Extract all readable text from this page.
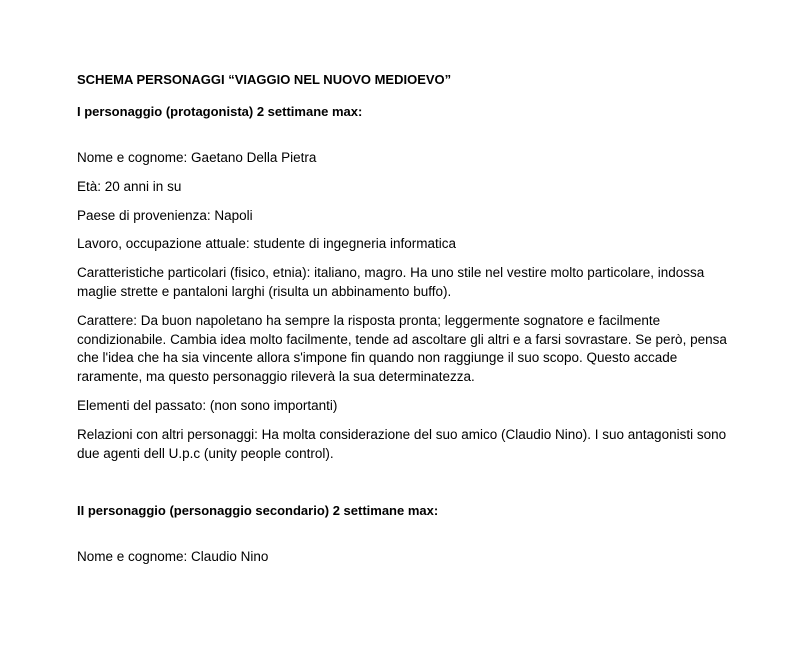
SCHEMA PERSONAGGI “VIAGGIO NEL NUOVO MEDIOEVO”
I personaggio (protagonista) 2 settimane max:
Nome e cognome: Gaetano Della Pietra
Età: 20 anni in su
Paese di provenienza: Napoli
Lavoro, occupazione attuale: studente di ingegneria informatica
Caratteristiche particolari (fisico, etnia): italiano, magro. Ha uno stile nel vestire molto particolare, indossa maglie strette e pantaloni larghi (risulta un abbinamento buffo).
Carattere: Da buon napoletano ha sempre la risposta pronta; leggermente sognatore e facilmente condizionabile. Cambia idea molto facilmente, tende ad ascoltare gli altri e a farsi sovrastare. Se però, pensa che l'idea che ha sia vincente allora s'impone fin quando non raggiunge il suo scopo. Questo accade raramente, ma questo personaggio rileverà la sua determinatezza.
Elementi del passato: (non sono importanti)
Relazioni con altri personaggi: Ha molta considerazione del suo amico (Claudio Nino). I suo antagonisti sono due agenti dell U.p.c (unity people control).
II personaggio (personaggio secondario) 2 settimane max:
Nome e cognome: Claudio Nino
